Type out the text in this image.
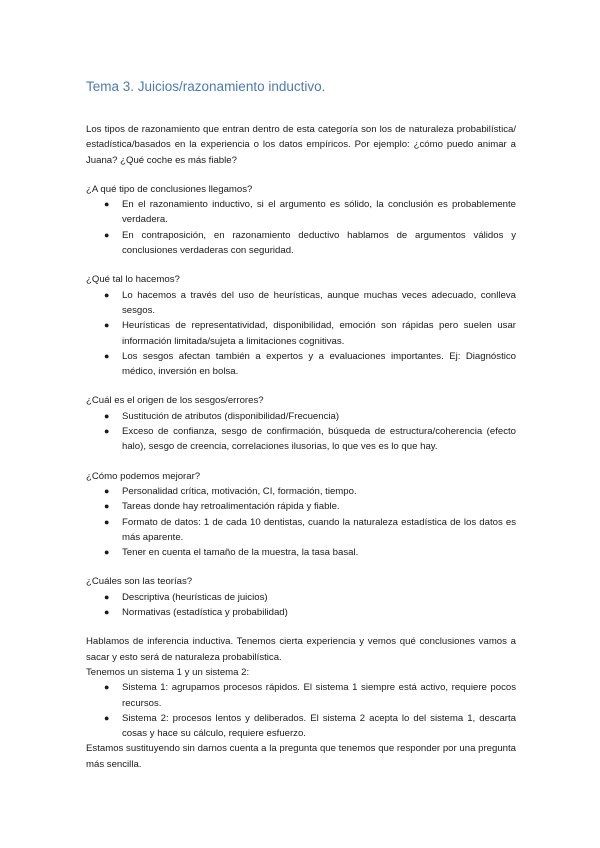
Tema 3. Juicios/razonamiento inductivo.

Los tipos de razonamiento que entran dentro de esta categoría son los de naturaleza probabilística/ estadística/basados en la experiencia o los datos empíricos. Por ejemplo: ¿cómo puedo animar a Juana? ¿Qué coche es más fiable?

¿A qué tipo de conclusiones llegamos?

● En el razonamiento inductivo, si el argumento es sólido, la conclusión es probablemente verdadera.
● En contraposición, en razonamiento deductivo hablamos de argumentos válidos y conclusiones verdaderas con seguridad.

¿Qué tal lo hacemos?

● Lo hacemos a través del uso de heurísticas, aunque muchas veces adecuado, conlleva sesgos.
● Heurísticas de representatividad, disponibilidad, emoción son rápidas pero suelen usar información limitada/sujeta a limitaciones cognitivas.
● Los sesgos afectan también a expertos y a evaluaciones importantes. Ej: Diagnóstico médico, inversión en bolsa.

¿Cuál es el origen de los sesgos/errores?

● Sustitución de atributos (disponibilidad/Frecuencia)
● Exceso de confianza, sesgo de confirmación, búsqueda de estructura/coherencia (efecto halo), sesgo de creencia, correlaciones ilusorias, lo que ves es lo que hay.

¿Cómo podemos mejorar?

● Personalidad crítica, motivación, CI, formación, tiempo.
● Tareas donde hay retroalimentación rápida y fiable.
● Formato de datos: 1 de cada 10 dentistas, cuando la naturaleza estadística de los datos es más aparente.
● Tener en cuenta el tamaño de la muestra, la tasa basal.

¿Cuáles son las teorías?

● Descriptiva (heurísticas de juicios)
● Normativas (estadística y probabilidad)

Hablamos de inferencia inductiva. Tenemos cierta experiencia y vemos qué conclusiones vamos a sacar y esto será de naturaleza probabilística.

Tenemos un sistema 1 y un sistema 2:

● Sistema 1: agrupamos procesos rápidos. El sistema 1 siempre está activo, requiere pocos recursos.
● Sistema 2: procesos lentos y deliberados. El sistema 2 acepta lo del sistema 1, descarta cosas y hace su cálculo, requiere esfuerzo.

Estamos sustituyendo sin darnos cuenta a la pregunta que tenemos que responder por una pregunta más sencilla.
